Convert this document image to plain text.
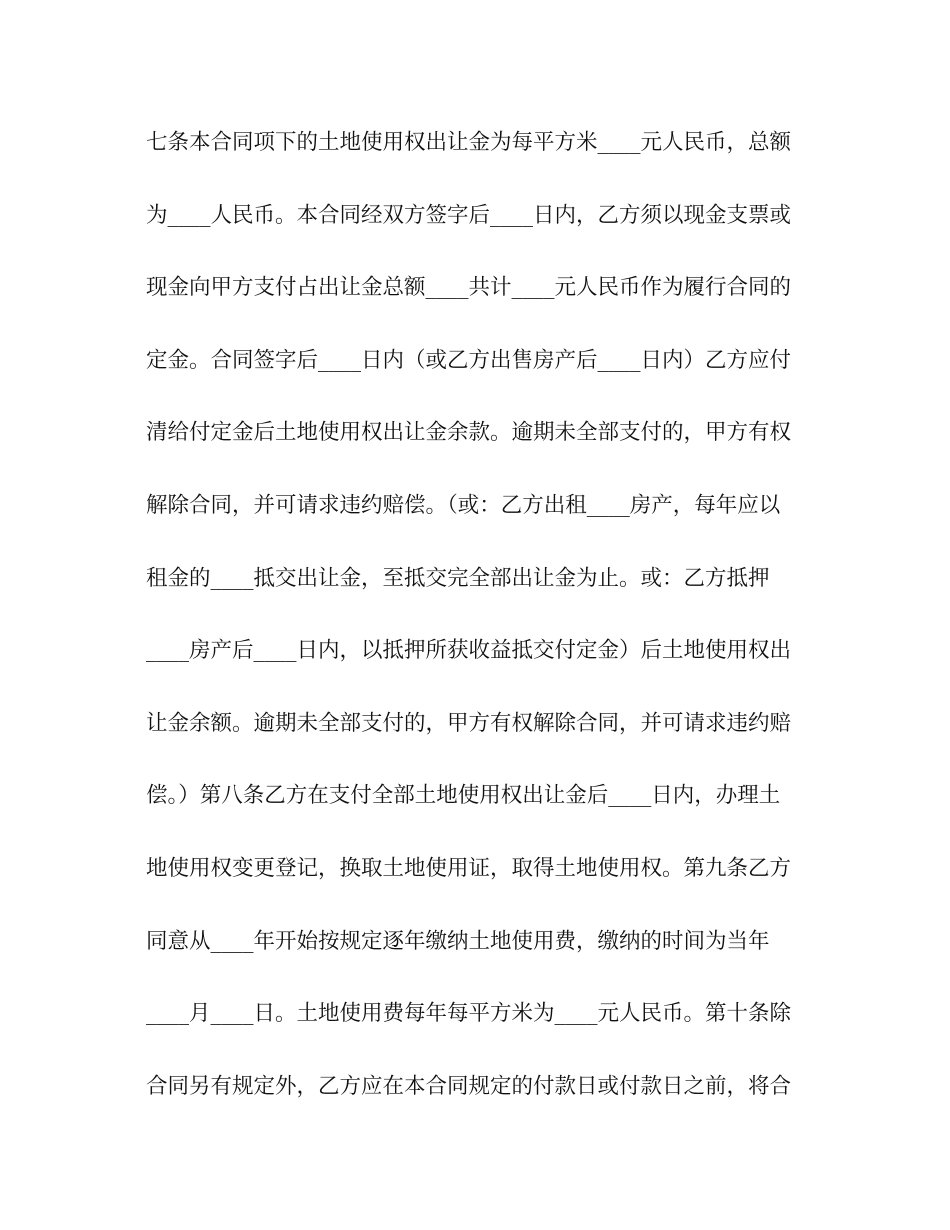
七条本合同项下的土地使用权出让金为每平方米____元人民币，总额
为____人民币。本合同经双方签字后____日内，乙方须以现金支票或
现金向甲方支付占出让金总额____共计____元人民币作为履行合同的
定金。合同签字后____日内（或乙方出售房产后____日内）乙方应付
清给付定金后土地使用权出让金余款。逾期未全部支付的，甲方有权
解除合同，并可请求违约赔偿。（或：乙方出租____房产，每年应以
租金的____抵交出让金，至抵交完全部出让金为止。或：乙方抵押
____房产后____日内，以抵押所获收益抵交付定金）后土地使用权出
让金余额。逾期未全部支付的，甲方有权解除合同，并可请求违约赔
偿。）第八条乙方在支付全部土地使用权出让金后____日内，办理土
地使用权变更登记，换取土地使用证，取得土地使用权。第九条乙方
同意从____年开始按规定逐年缴纳土地使用费，缴纳的时间为当年
____月____日。土地使用费每年每平方米为____元人民币。第十条除
合同另有规定外，乙方应在本合同规定的付款日或付款日之前，将合
